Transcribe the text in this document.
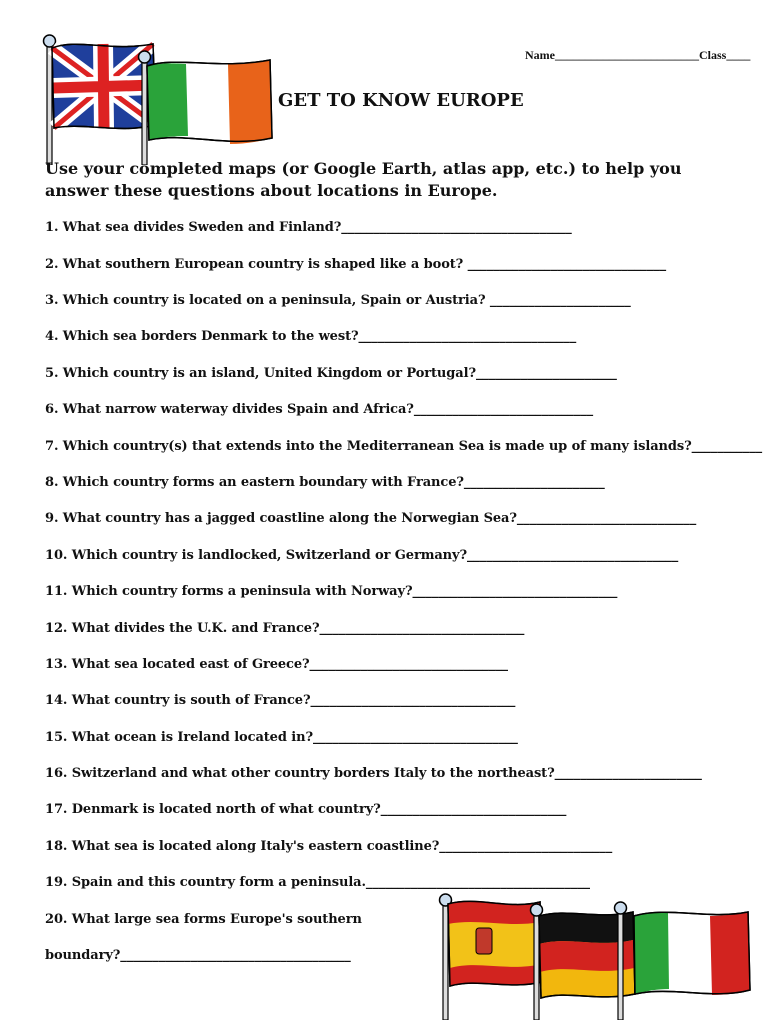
Name________________________Class____
GET TO KNOW EUROPE
Use your completed maps (or Google Earth, atlas app, etc.) to help you answer these questions about locations in Europe.
1. What sea divides Sweden and Finland?____________________________________
2. What southern European country is shaped like a boot? _______________________________
3. Which country is located on a peninsula, Spain or Austria? ______________________
4. Which sea borders Denmark to the west?__________________________________
5. Which country is an island, United Kingdom or Portugal?______________________
6. What narrow waterway divides Spain and Africa?____________________________
7. Which country(s) that extends into the Mediterranean Sea is made up of many islands?___________
8. Which country forms an eastern boundary with France?______________________
9. What country has a jagged coastline along the Norwegian Sea?____________________________
10. Which country is landlocked, Switzerland or Germany?_________________________________
11. Which country forms a peninsula with Norway?________________________________
12. What divides the U.K. and France?________________________________
13. What sea located east of Greece?_______________________________
14. What country is south of France?________________________________
15. What ocean is Ireland located in?________________________________
16. Switzerland and what other country borders Italy to the northeast?_______________________
17. Denmark is located north of what country?_____________________________
18. What sea is located along Italy's eastern coastline?___________________________
19. Spain and this country form a peninsula.___________________________________
20. What large sea forms Europe's southern
boundary?____________________________________
